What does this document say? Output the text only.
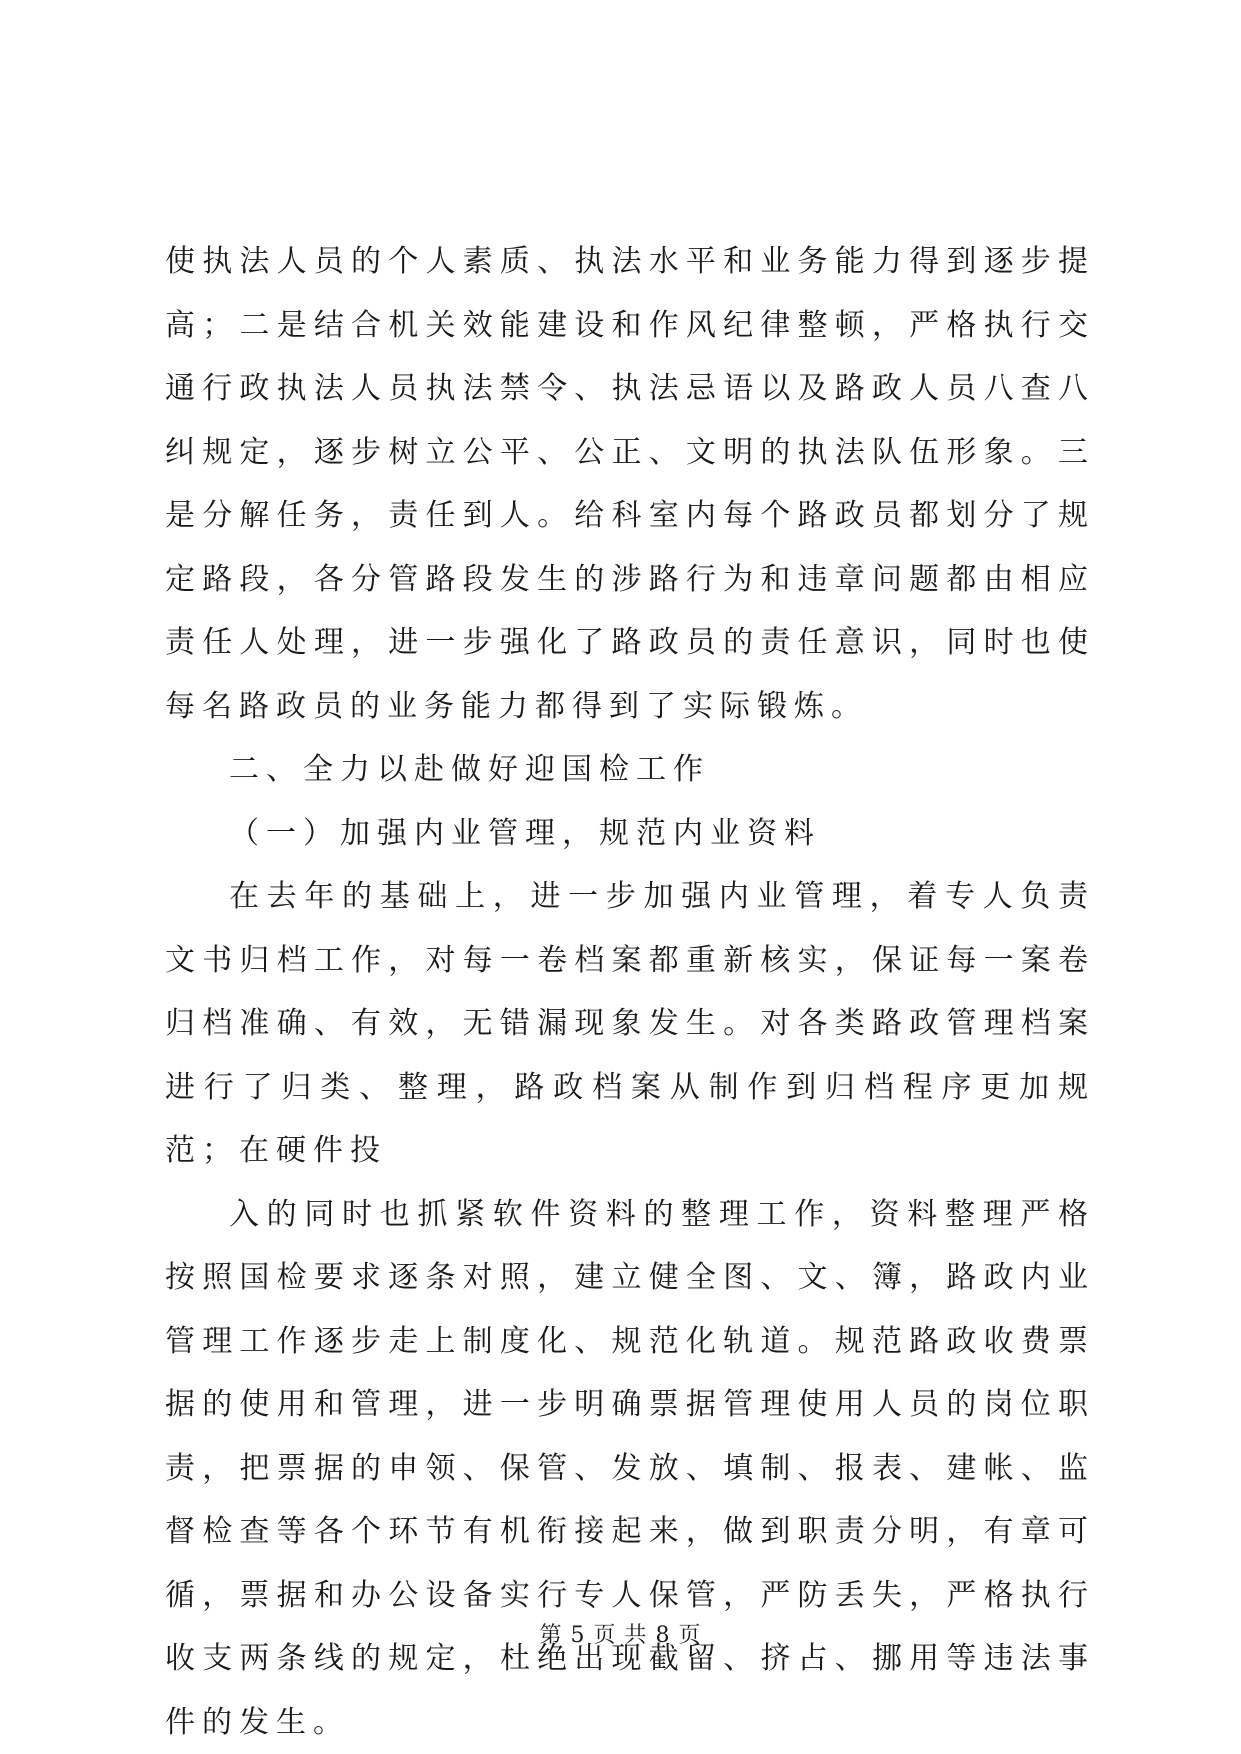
使执法人员的个人素质、执法水平和业务能力得到逐步提高；二是结合机关效能建设和作风纪律整顿，严格执行交通行政执法人员执法禁令、执法忌语以及路政人员八查八纠规定，逐步树立公平、公正、文明的执法队伍形象。三是分解任务，责任到人。给科室内每个路政员都划分了规定路段，各分管路段发生的涉路行为和违章问题都由相应责任人处理，进一步强化了路政员的责任意识，同时也使每名路政员的业务能力都得到了实际锻炼。

二、全力以赴做好迎国检工作

（一）加强内业管理，规范内业资料

在去年的基础上，进一步加强内业管理，着专人负责文书归档工作，对每一卷档案都重新核实，保证每一案卷归档准确、有效，无错漏现象发生。对各类路政管理档案进行了归类、整理，路政档案从制作到归档程序更加规范；在硬件投

入的同时也抓紧软件资料的整理工作，资料整理严格按照国检要求逐条对照，建立健全图、文、簿，路政内业管理工作逐步走上制度化、规范化轨道。规范路政收费票据的使用和管理，进一步明确票据管理使用人员的岗位职责，把票据的申领、保管、发放、填制、报表、建帐、监督检查等各个环节有机衔接起来，做到职责分明，有章可循，票据和办公设备实行专人保管，严防丢失，严格执行收支两条线的规定，杜绝出现截留、挤占、挪用等违法事件的发生。

第 5 页 共 8 页
